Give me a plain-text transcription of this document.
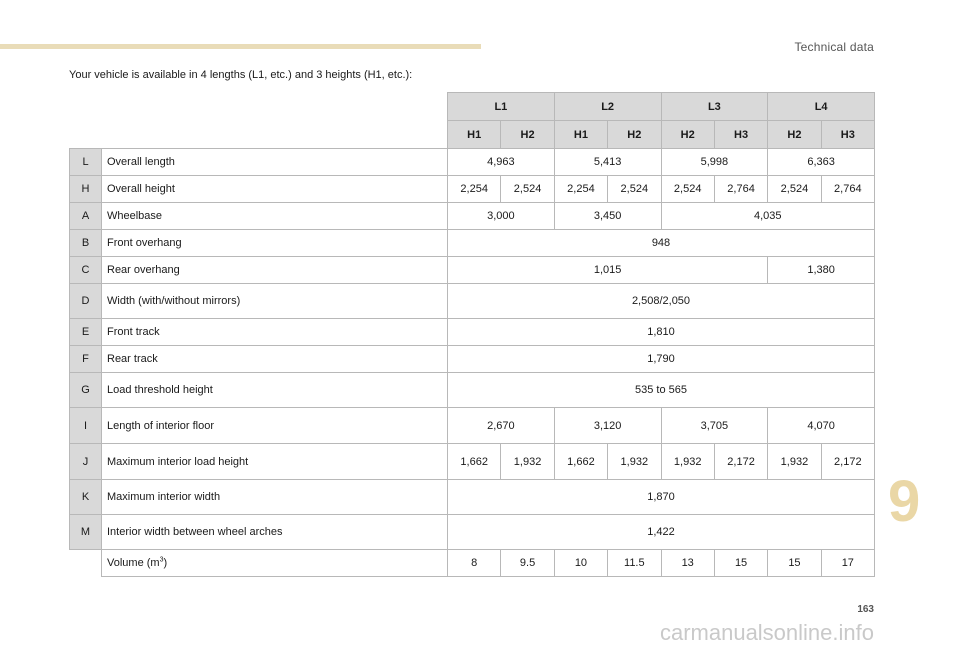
Technical data
Your vehicle is available in 4 lengths (L1, etc.) and 3 heights (H1, etc.):
		L1		L2		L3		L4	
		H1	H2	H1	H2	H2	H3	H2	H3
L	Overall length	4,963		5,413		5,998		6,363	
H	Overall height	2,254	2,524	2,254	2,524	2,524	2,764	2,524	2,764
A	Wheelbase	3,000		3,450		4,035			
B	Front overhang	948							
C	Rear overhang	1,015						1,380	
D	Width (with/without mirrors)	2,508/2,050							
E	Front track	1,810							
F	Rear track	1,790							
G	Load threshold height	535 to 565							
I	Length of interior floor	2,670		3,120		3,705		4,070	
J	Maximum interior load height	1,662	1,932	1,662	1,932	1,932	2,172	1,932	2,172
K	Maximum interior width	1,870							
M	Interior width between wheel arches	1,422							
	Volume $(m^3)$	8	9.5	10	11.5	13	15	15	17
9
163
carmanualsonline.info
